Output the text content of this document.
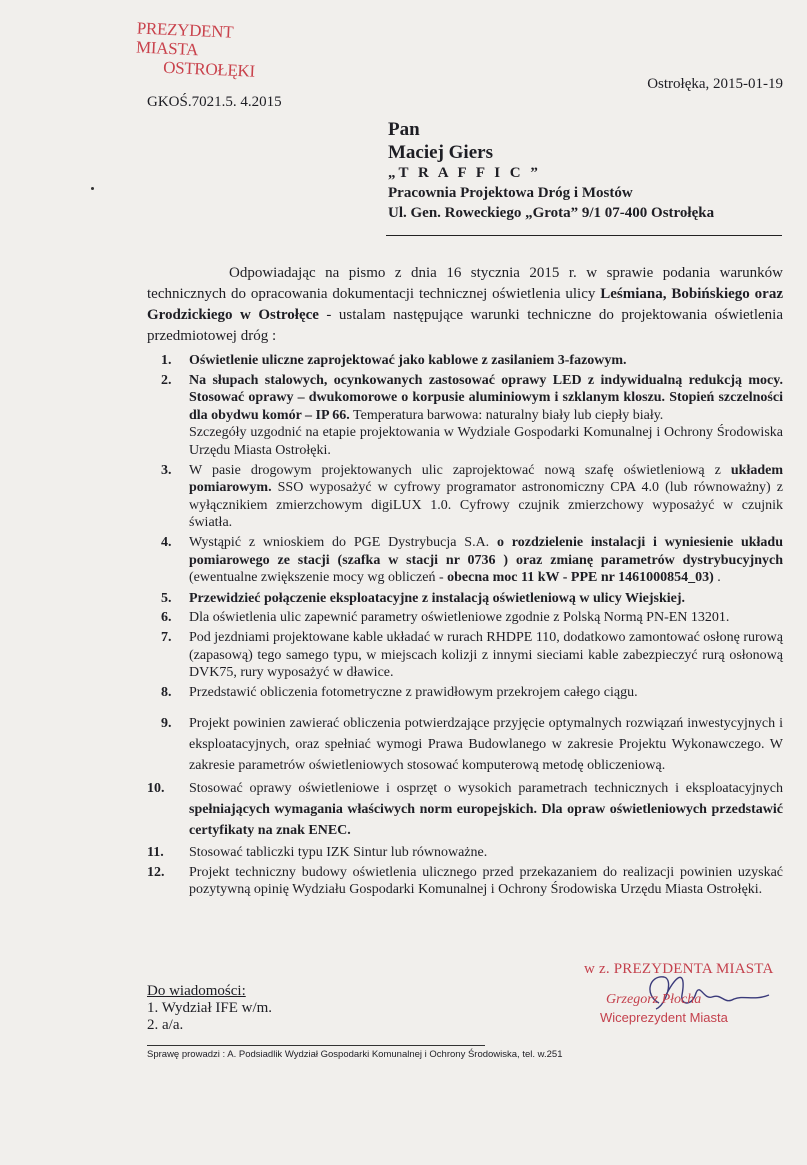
PREZYDENT MIASTA

OSTROŁĘKI
Ostrołęka, 2015-01-19
GKOŚ.7021.5. 4.2015
Pan
Maciej Giers
„T R A F F I C ”
Pracownia Projektowa Dróg i Mostów
Ul. Gen. Roweckiego „Grota” 9/1 07-400 Ostrołęka
Odpowiadając na pismo z dnia 16 stycznia 2015 r. w sprawie podania warunków technicznych do opracowania dokumentacji technicznej oświetlenia ulicy Leśmiana, Bobińskiego oraz Grodzickiego w Ostrołęce - ustalam następujące warunki techniczne do projektowania oświetlenia przedmiotowej dróg :
1. Oświetlenie uliczne zaprojektować jako kablowe z zasilaniem 3-fazowym.
2. Na słupach stalowych, ocynkowanych zastosować oprawy LED z indywidualną redukcją mocy. Stosować oprawy – dwukomorowe o korpusie aluminiowym i szklanym kloszu. Stopień szczelności dla obydwu komór – IP 66. Temperatura barwowa: naturalny biały lub ciepły biały.
Szczegóły uzgodnić na etapie projektowania w Wydziale Gospodarki Komunalnej i Ochrony Środowiska Urzędu Miasta Ostrołęki.
3. W pasie drogowym projektowanych ulic zaprojektować nową szafę oświetleniową z układem pomiarowym. SSO wyposażyć w cyfrowy programator astronomiczny CPA 4.0 (lub równoważny) z wyłącznikiem zmierzchowym digiLUX 1.0. Cyfrowy czujnik zmierzchowy wyposażyć w czujnik światła.
4. Wystąpić z wnioskiem do PGE Dystrybucja S.A. o rozdzielenie instalacji i wyniesienie układu pomiarowego ze stacji (szafka w stacji nr 0736 ) oraz zmianę parametrów dystrybucyjnych (ewentualne zwiększenie mocy wg obliczeń - obecna moc 11 kW - PPE nr 1461000854_03) .
5. Przewidzieć połączenie eksploatacyjne z instalacją oświetleniową w ulicy Wiejskiej.
6. Dla oświetlenia ulic zapewnić parametry oświetleniowe zgodnie z Polską Normą PN-EN 13201.
7. Pod jezdniami projektowane kable układać w rurach RHDPE 110, dodatkowo zamontować osłonę rurową (zapasową) tego samego typu, w miejscach kolizji z innymi sieciami kable zabezpieczyć rurą osłonową DVK75, rury wyposażyć w dławice.
8. Przedstawić obliczenia fotometryczne z prawidłowym przekrojem całego ciągu.
9. Projekt powinien zawierać obliczenia potwierdzające przyjęcie optymalnych rozwiązań inwestycyjnych i eksploatacyjnych, oraz spełniać wymogi Prawa Budowlanego w zakresie Projektu Wykonawczego. W zakresie parametrów oświetleniowych stosować komputerową metodę obliczeniową.
10. Stosować oprawy oświetleniowe i osprzęt o wysokich parametrach technicznych i eksploatacyjnych spełniających wymagania właściwych norm europejskich. Dla opraw oświetleniowych przedstawić certyfikaty na znak ENEC.
11. Stosować tabliczki typu IZK Sintur lub równoważne.
12. Projekt techniczny budowy oświetlenia ulicznego przed przekazaniem do realizacji powinien uzyskać pozytywną opinię Wydziału Gospodarki Komunalnej i Ochrony Środowiska Urzędu Miasta Ostrołęki.
Do wiadomości:
1. Wydział IFE w/m.
2. a/a.
w z. PREZYDENTA MIASTA
Grzegorz Płocha
Wiceprezydent Miasta
Sprawę prowadzi : A. Podsiadlik Wydział Gospodarki Komunalnej i Ochrony Środowiska, tel. w.251
